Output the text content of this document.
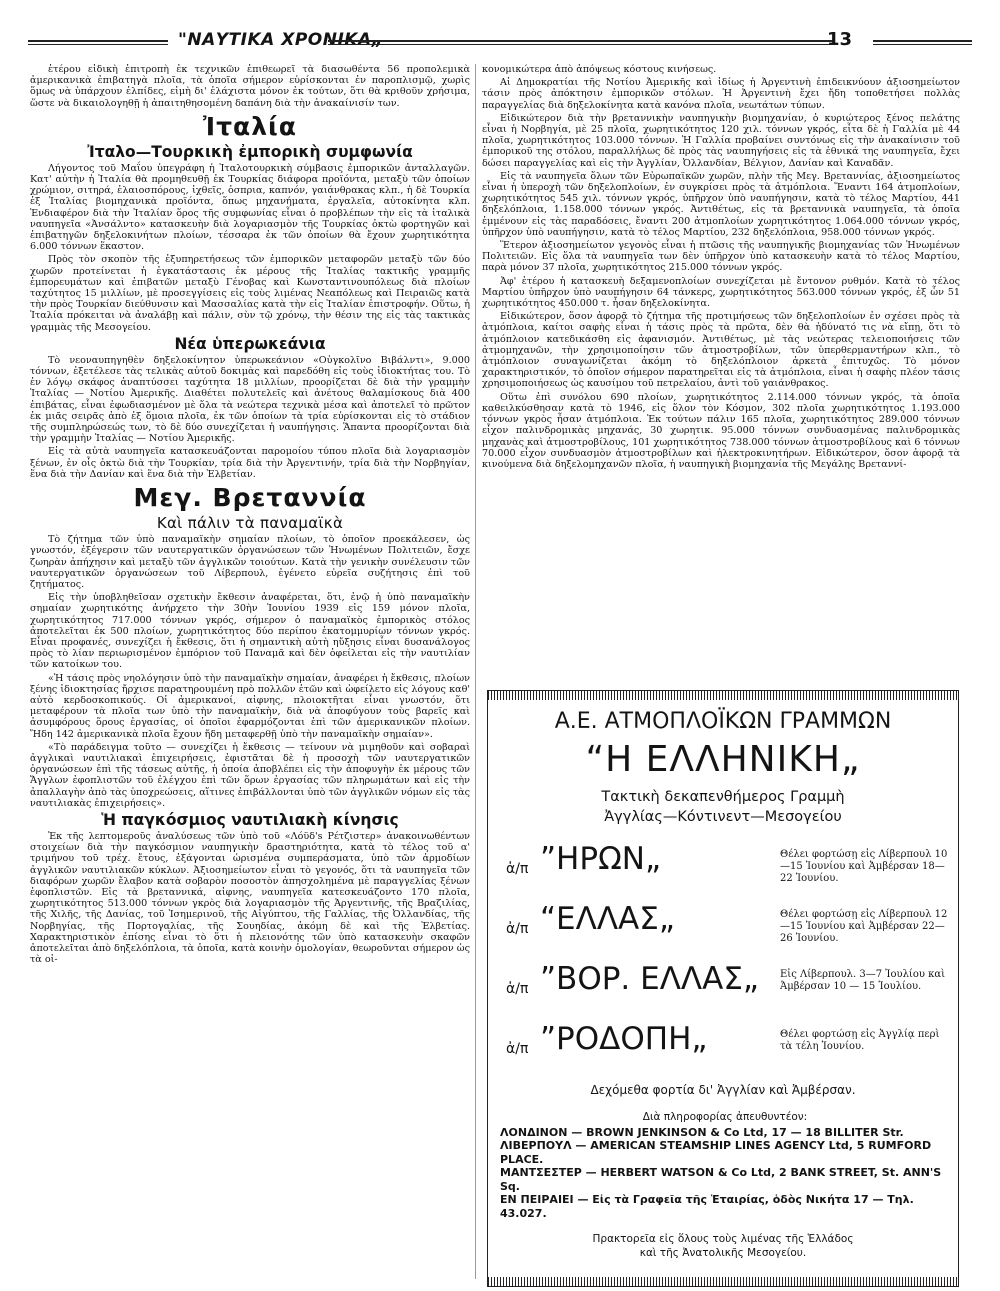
"ΝΑΥΤΙΚΑ ΧΡΟΝΙΚΑ„	13

ἑτέρου εἰδικὴ ἐπιτροπὴ ἐκ τεχνικῶν ἐπιθεωρεῖ τὰ διασωθέντα 56 προπολεμικὰ ἀμερικανικὰ ἐπιβατηγὰ πλοῖα, τὰ ὁποῖα σήμερον εὑρίσκονται ἐν παροπλισμῷ, χωρὶς ὅμως νὰ ὑπάρχουν ἐλπίδες, εἰμὴ δι' ἐλάχιστα μόνον ἐκ τούτων, ὅτι θὰ κριθοῦν χρήσιμα, ὥστε νὰ δικαιολογηθῇ ἡ ἀπαιτηθησομένη δαπάνη διὰ τὴν ἀνακαίνισίν των.

Ἰταλία
Ἰταλο—Τουρκικὴ ἐμπορικὴ συμφωνία

Λήγοντος τοῦ Μαΐου ὑπεγράφη ἡ Ἰταλοτουρκικὴ σύμβασις ἐμπορικῶν ἀνταλλαγῶν. Κατ' αὐτὴν ἡ Ἰταλία θὰ προμηθευθῇ ἐκ Τουρκίας διάφορα προϊόντα, μεταξὺ τῶν ὁποίων χρώμιον, σιτηρά, ἐλαιοσπόρους, ἰχθεῖς, ὀσπρια, καπνόν, γαιάνθρακας κλπ., ἡ δὲ Τουρκία ἐξ Ἰταλίας βιομηχανικὰ προϊόντα, ὅπως μηχανήματα, ἐργαλεῖα, αὐτοκίνητα κλπ. Ἐνδιαφέρον διὰ τὴν Ἰταλίαν ὅρος τῆς συμφωνίας εἶναι ὁ προβλέπων τὴν εἰς τὰ ἰταλικὰ ναυπηγεῖα «Ἀνσάλντο» κατασκευὴν διὰ λογαριασμὸν τῆς Τουρκίας ὀκτὼ φορτηγῶν καὶ ἐπιβατηγῶν δηξελοκινήτων πλοίων, τέσσαρα ἐκ τῶν ὁποίων θὰ ἔχουν χωρητικότητα 6.000 τόννων ἕκαστον.

Πρὸς τὸν σκοπὸν τῆς ἐξυπηρετήσεως τῶν ἐμπορικῶν μεταφορῶν μεταξὺ τῶν δύο χωρῶν προτείνεται ἡ ἐγκατάστασις ἐκ μέρους τῆς Ἰταλίας τακτικῆς γραμμῆς ἐμπορευμάτων καὶ ἐπιβατῶν μεταξὺ Γένοβας καὶ Κωνσταντινουπόλεως διὰ πλοίων ταχύτητος 15 μιλλίων, μὲ προσεγγίσεις εἰς τοὺς λιμένας Νεαπόλεως καὶ Πειραιῶς κατὰ τὴν πρὸς Τουρκίαν διεύθυνσιν καὶ Μασσαλίας κατὰ τὴν εἰς Ἰταλίαν ἐπιστροφήν. Οὕτω, ἡ Ἰταλία πρόκειται νὰ ἀναλάβῃ καὶ πάλιν, σὺν τῷ χρόνῳ, τὴν θέσιν της εἰς τὰς τακτικὰς γραμμὰς τῆς Μεσογείου.

Νέα ὑπερωκεάνια

Τὸ νεοναυπηγηθὲν δηξελοκίνητον ὑπερωκεάνιον «Οὐγκολῖνο Βιβάλντι», 9.000 τόννων, ἐξετέλεσε τὰς τελικὰς αὐτοῦ δοκιμὰς καὶ παρεδόθη εἰς τοὺς ἰδιοκτήτας του. Τὸ ἐν λόγῳ σκάφος ἀναπτύσσει ταχύτητα 18 μιλλίων, προορίζεται δὲ διὰ τὴν γραμμὴν Ἰταλίας — Νοτίου Ἀμερικῆς. Διαθέτει πολυτελεῖς καὶ ἀνέτους θαλαμίσκους διὰ 400 ἐπιβάτας, εἶναι ἐφωδιασμένον μὲ ὅλα τὰ νεώτερα τεχνικὰ μέσα καὶ ἀποτελεῖ τὸ πρῶτον ἐκ μιᾶς σειρᾶς ἀπὸ ἐξ ὅμοια πλοῖα, ἐκ τῶν ὁποίων τὰ τρία εὑρίσκονται εἰς τὸ στάδιον τῆς συμπληρώσεώς των, τὸ δὲ δύο συνεχίζεται ἡ ναυπήγησις. Ἅπαντα προορίζονται διὰ τὴν γραμμὴν Ἰταλίας — Νοτίου Ἀμερικῆς.

Εἰς τὰ αὐτὰ ναυπηγεῖα κατασκευάζονται παρομοίου τύπου πλοῖα διὰ λογαριασμὸν ξένων, ἐν οἷς ὀκτὼ διὰ τὴν Τουρκίαν, τρία διὰ τὴν Ἀργεντινήν, τρία διὰ τὴν Νορβηγίαν, ἕνα διὰ τὴν Δανίαν καὶ ἕνα διὰ τὴν Ἑλβετίαν.

Μεγ. Βρεταννία
Καὶ πάλιν τὰ παναμαϊκὰ

Τὸ ζήτημα τῶν ὑπὸ παναμαϊκὴν σημαίαν πλοίων, τὸ ὁποῖον προεκάλεσεν, ὡς γνωστόν, ἐξέγερσιν τῶν ναυτεργατικῶν ὀργανώσεων τῶν Ἡνωμένων Πολιτειῶν, ἔσχε ζωηρὰν ἀπήχησιν καὶ μεταξὺ τῶν ἀγγλικῶν τοιούτων. Κατὰ τὴν γενικὴν συνέλευσιν τῶν ναυτεργατικῶν ὀργανώσεων τοῦ Λίβερπουλ, ἐγένετο εὐρεῖα συζήτησις ἐπὶ τοῦ ζητήματος.

Εἰς τὴν ὑποβληθεῖσαν σχετικὴν ἔκθεσιν ἀναφέρεται, ὅτι, ἐνῷ ἡ ὑπὸ παναμαϊκὴν σημαίαν χωρητικότης ἀνήρχετο τὴν 30ὴν Ἰουνίου 1939 εἰς 159 μόνον πλοῖα, χωρητικότητος 717.000 τόννων γκρός, σήμερον ὁ παναμαϊκὸς ἐμπορικὸς στόλος ἀποτελεῖται ἐκ 500 πλοίων, χωρητικότητος δύο περίπου ἑκατομμυρίων τόννων γκρός. Εἶναι προφανές, συνεχίζει ἡ ἔκθεσις, ὅτι ἡ σημαντικὴ αὐτὴ ηὔξησις εἶναι δυσανάλογος πρὸς τὸ λίαν περιωρισμένον ἐμπόριον τοῦ Παναμᾶ καὶ δὲν ὀφείλεται εἰς τὴν ναυτιλίαν τῶν κατοίκων του.

«Ἡ τάσις πρὸς νηολόγησιν ὑπὸ τὴν παναμαϊκὴν σημαίαν, ἀναφέρει ἡ ἔκθεσις, πλοίων ξένης ἰδιοκτησίας ἤρχισε παρατηρουμένη πρὸ πολλῶν ἐτῶν καὶ ὠφείλετο εἰς λόγους καθ' αὐτὸ κερδοσκοπικούς. Οἱ ἀμερικανοί, αἰφνης, πλοιοκτῆται εἶναι γνωστόν, ὅτι μεταφέρουν τὰ πλοῖα των ὑπὸ τὴν παναμαϊκὴν, διὰ νὰ ἀποφύγουν τοὺς βαρεῖς καὶ ἀσυμφόρους ὅρους ἐργασίας, οἱ ὁποῖοι ἐφαρμόζονται ἐπὶ τῶν ἀμερικανικῶν πλοίων. Ἤδη 142 ἀμερικανικὰ πλοῖα ἔχουν ἤδη μεταφερθῇ ὑπὸ τὴν παναμαϊκὴν σημαίαν».

«Τὸ παράδειγμα τοῦτο — συνεχίζει ἡ ἔκθεσις — τείνουν νὰ μιμηθοῦν καὶ σοβαραὶ ἀγγλικαὶ ναυτιλιακαὶ ἐπιχειρήσεις, ἐφιστᾶται δὲ ἡ προσοχὴ τῶν ναυτεργατικῶν ὀργανώσεων ἐπὶ τῆς τάσεως αὐτῆς, ἡ ὁποία ἀποβλέπει εἰς τὴν ἀποφυγὴν ἐκ μέρους τῶν Ἄγγλων ἐφοπλιστῶν τοῦ ἐλέγχου ἐπὶ τῶν ὅρων ἐργασίας τῶν πληρωμάτων καὶ εἰς τὴν ἀπαλλαγὴν ἀπὸ τὰς ὑποχρεώσεις, αἵτινες ἐπιβάλλονται ὑπὸ τῶν ἀγγλικῶν νόμων εἰς τὰς ναυτιλιακὰς ἐπιχειρήσεις».

Ἡ παγκόσμιος ναυτιλιακὴ κίνησις

Ἐκ τῆς λεπτομεροῦς ἀναλύσεως τῶν ὑπὸ τοῦ «Λόϋδ's Ρέτζιστερ» ἀνακοινωθέντων στοιχείων διὰ τὴν παγκόσμιον ναυπηγικὴν δραστηριότητα, κατὰ τὸ τέλος τοῦ α' τριμήνου τοῦ τρέχ. ἔτους, ἐξάγονται ὡρισμένα συμπεράσματα, ὑπὸ τῶν ἁρμοδίων ἀγγλικῶν ναυτιλιακῶν κύκλων. Ἀξιοσημείωτον εἶναι τὸ γεγονός, ὅτι τὰ ναυπηγεῖα τῶν διαφόρων χωρῶν ἔλαβον κατὰ σοβαρὸν ποσοστὸν ἀπησχολημένα μὲ παραγγελίας ξένων ἐφοπλιστῶν. Εἰς τὰ βρεταννικά, αἰφνης, ναυπηγεῖα κατεσκευάζοντο 170 πλοῖα, χωρητικότητος 513.000 τόννων γκρὸς διὰ λογαριασμὸν τῆς Ἀργεντινῆς, τῆς Βραζιλίας, τῆς Χιλῆς, τῆς Δανίας, τοῦ Ἰσημερινοῦ, τῆς Αἰγύπτου, τῆς Γαλλίας, τῆς Ὀλλανδίας, τῆς Νορβηγίας, τῆς Πορτογαλίας, τῆς Σουηδίας, ἀκόμη δὲ καὶ τῆς Ἑλβετίας. Χαρακτηριστικὸν ἐπίσης εἶναι τὸ ὅτι ἡ πλειονότης τῶν ὑπὸ κατασκευὴν σκαφῶν ἀποτελεῖται ἀπὸ δηξελόπλοια, τὰ ὁποῖα, κατὰ κοινὴν ὁμολογίαν, θεωροῦνται σήμερον ὡς τὰ οἰ-

κονομικώτερα ἀπὸ ἀπόψεως κόστους κινήσεως.

Αἱ Δημοκρατίαι τῆς Νοτίου Ἀμερικῆς καὶ ἰδίως ἡ Ἀργεντινὴ ἐπιδεικνύουν ἀξιοσημείωτον τάσιν πρὸς ἀπόκτησιν ἐμπορικῶν στόλων. Ἡ Ἀργεντινὴ ἔχει ἤδη τοποθετήσει πολλὰς παραγγελίας διὰ δηξελοκίνητα κατὰ κανόνα πλοῖα, νεωτάτων τύπων.

Εἰδικώτερον διὰ τὴν βρεταννικὴν ναυπηγικὴν βιομηχανίαν, ὁ κυριώτερος ξένος πελάτης εἶναι ἡ Νορβηγία, μὲ 25 πλοῖα, χωρητικότητος 120 χιλ. τόννων γκρός, εἶτα δὲ ἡ Γαλλία μὲ 44 πλοῖα, χωρητικότητος 103.000 τόννων. Ἡ Γαλλία προβαίνει συντόνως εἰς τὴν ἀνακαίνισιν τοῦ ἐμπορικοῦ της στόλου, παραλλήλως δὲ πρὸς τὰς ναυπηγήσεις εἰς τὰ ἐθνικά της ναυπηγεῖα, ἔχει δώσει παραγγελίας καὶ εἰς τὴν Ἀγγλίαν, Ὀλλανδίαν, Βέλγιον, Δανίαν καὶ Καναδᾶν.

Εἰς τὰ ναυπηγεῖα ὅλων τῶν Εὐρωπαϊκῶν χωρῶν, πλὴν τῆς Μεγ. Βρεταννίας, ἀξιοσημείωτος εἶναι ἡ ὑπεροχὴ τῶν δηξελοπλοίων, ἐν συγκρίσει πρὸς τὰ ἀτμόπλοια. Ἔναντι 164 ἀτμοπλοίων, χωρητικότητος 545 χιλ. τόννων γκρός, ὑπῆρχον ὑπὸ ναυπήγησιν, κατὰ τὸ τέλος Μαρτίου, 441 δηξελόπλοια, 1.158.000 τόννων γκρός. Ἀντιθέτως, εἰς τὰ βρεταννικὰ ναυπηγεῖα, τὰ ὁποῖα ἐμμένουν εἰς τὰς παραδόσεις, ἔναντι 200 ἀτμοπλοίων χωρητικότητος 1.064.000 τόννων γκρός, ὑπῆρχον ὑπὸ ναυπήγησιν, κατὰ τὸ τέλος Μαρτίου, 232 δηξελόπλοια, 958.000 τόννων γκρός.

Ἕτερον ἀξιοσημείωτον γεγονὸς εἶναι ἡ πτῶσις τῆς ναυπηγικῆς βιομηχανίας τῶν Ἡνωμένων Πολιτειῶν. Εἰς ὅλα τὰ ναυπηγεῖα των δὲν ὑπῆρχον ὑπὸ κατασκευὴν κατὰ τὸ τέλος Μαρτίου, παρὰ μόνον 37 πλοῖα, χωρητικότητος 215.000 τόννων γκρός.

Ἀφ' ἑτέρου ἡ κατασκευὴ δεξαμενοπλοίων συνεχίζεται μὲ ἔντονον ρυθμόν. Κατὰ τὸ τέλος Μαρτίου ὑπῆρχον ὑπὸ ναυπήγησιν 64 τάνκερς, χωρητικότητος 563.000 τόννων γκρός, ἐξ ὧν 51 χωρητικότητος 450.000 τ. ἦσαν δηξελοκίνητα.

Εἰδικώτερον, ὅσον ἀφορᾷ τὸ ζήτημα τῆς προτιμήσεως τῶν δηξελοπλοίων ἐν σχέσει πρὸς τὰ ἀτμόπλοια, καίτοι σαφὴς εἶναι ἡ τάσις πρὸς τὰ πρῶτα, δὲν θὰ ἠδύνατό τις νὰ εἴπῃ, ὅτι τὸ ἀτμόπλοιον κατεδικάσθη εἰς ἀφανισμόν. Ἀντιθέτως, μὲ τὰς νεώτερας τελειοποιήσεις τῶν ἀτμομηχανῶν, τὴν χρησιμοποίησιν τῶν ἀτμοστροβίλων, τῶν ὑπερθερμαντήρων κλπ., τὸ ἀτμόπλοιον συναγωνίζεται ἀκόμη τὸ δηξελόπλοιον ἀρκετὰ ἐπιτυχῶς. Τὸ μόνον χαρακτηριστικόν, τὸ ὁποῖον σήμερον παρατηρεῖται εἰς τὰ ἀτμόπλοια, εἶναι ἡ σαφὴς πλέον τάσις χρησιμοποιήσεως ὡς καυσίμου τοῦ πετρελαίου, ἀντὶ τοῦ γαιάνθρακος.

Οὕτω ἐπὶ συνόλου 690 πλοίων, χωρητικότητος 2.114.000 τόννων γκρός, τὰ ὁποῖα καθειλκύσθησαν κατὰ τὸ 1946, εἰς ὅλον τὸν Κόσμον, 302 πλοῖα χωρητικότητος 1.193.000 τόννων γκρὸς ἦσαν ἀτμόπλοια. Ἐκ τούτων πάλιν 165 πλοῖα, χωρητικότητος 289.000 τόννων εἶχον παλινδρομικὰς μηχανάς, 30 χωρητικ. 95.000 τόννων συνδυασμένας παλινδρομικὰς μηχανὰς καὶ ἀτμοστροβίλους, 101 χωρητικότητος 738.000 τόννων ἀτμοστροβίλους καὶ 6 τόννων 70.000 εἶχον συνδυασμὸν ἀτμοστροβίλων καὶ ἠλεκτροκινητήρων. Εἰδικώτερον, ὅσον ἀφορᾷ τὰ κινούμενα διὰ δηξελομηχανῶν πλοῖα, ἡ ναυπηγικὴ βιομηχανία τῆς Μεγάλης Βρεταννί-

Α.Ε. ΑΤΜΟΠΛΟΪΚΩΝ ΓΡΑΜΜΩΝ
“Η ΕΛΛΗΝΙΚΗ„
Τακτικὴ δεκαπενθήμερος Γραμμὴ
Ἀγγλίας—Κόντινεντ—Μεσογείου
ἀ/π ”ΗΡΩΝ„	Θέλει φορτώσῃ εἰς Λίβερπουλ 10—15 Ἰουνίου καὶ Ἀμβέρσαν 18—22 Ἰουνίου.
ἀ/π “ΕΛΛΑΣ„	Θέλει φορτώσῃ εἰς Λίβερπουλ 12—15 Ἰουνίου καὶ Ἀμβέρσαν 22—26 Ἰουνίου.
ἀ/π ”ΒΟΡ. ΕΛΛΑΣ„ Εἰς Λίβερπουλ. 3—7 Ἰουλίου καὶ Ἀμβέρσαν 10 — 15 Ἰουλίου.
ἀ/π ”ΡΟΔΟΠΗ„	Θέλει φορτώσῃ εἰς Ἀγγλίᾳ περὶ τὰ τέλη Ἰουνίου.
Δεχόμεθα φορτία δι' Ἀγγλίαν καὶ Ἀμβέρσαν.
Διὰ πληροφορίας ἀπευθυντέον:
ΛΟΝΔΙΝΟΝ — BROWN JENKINSON & Co Ltd, 17 — 18 BILLITER Str.
ΛΙΒΕΡΠΟΥΛ — AMERICAN STEAMSHIP LINES AGENCY Ltd, 5 RUMFORD PLACE.
ΜΑΝΤΣΕΣΤΕΡ — HERBERT WATSON & Co Ltd, 2 BANK STREET, St. ANN'S Sq.
ΕΝ ΠΕΙΡΑΙΕΙ — Εἰς τὰ Γραφεῖα τῆς Ἑταιρίας, ὁδὸς Νικήτα 17 — Τηλ. 43.027.
Πρακτορεῖα εἰς ὅλους τοὺς λιμένας τῆς Ἑλλάδος
καὶ τῆς Ἀνατολικῆς Μεσογείου.
